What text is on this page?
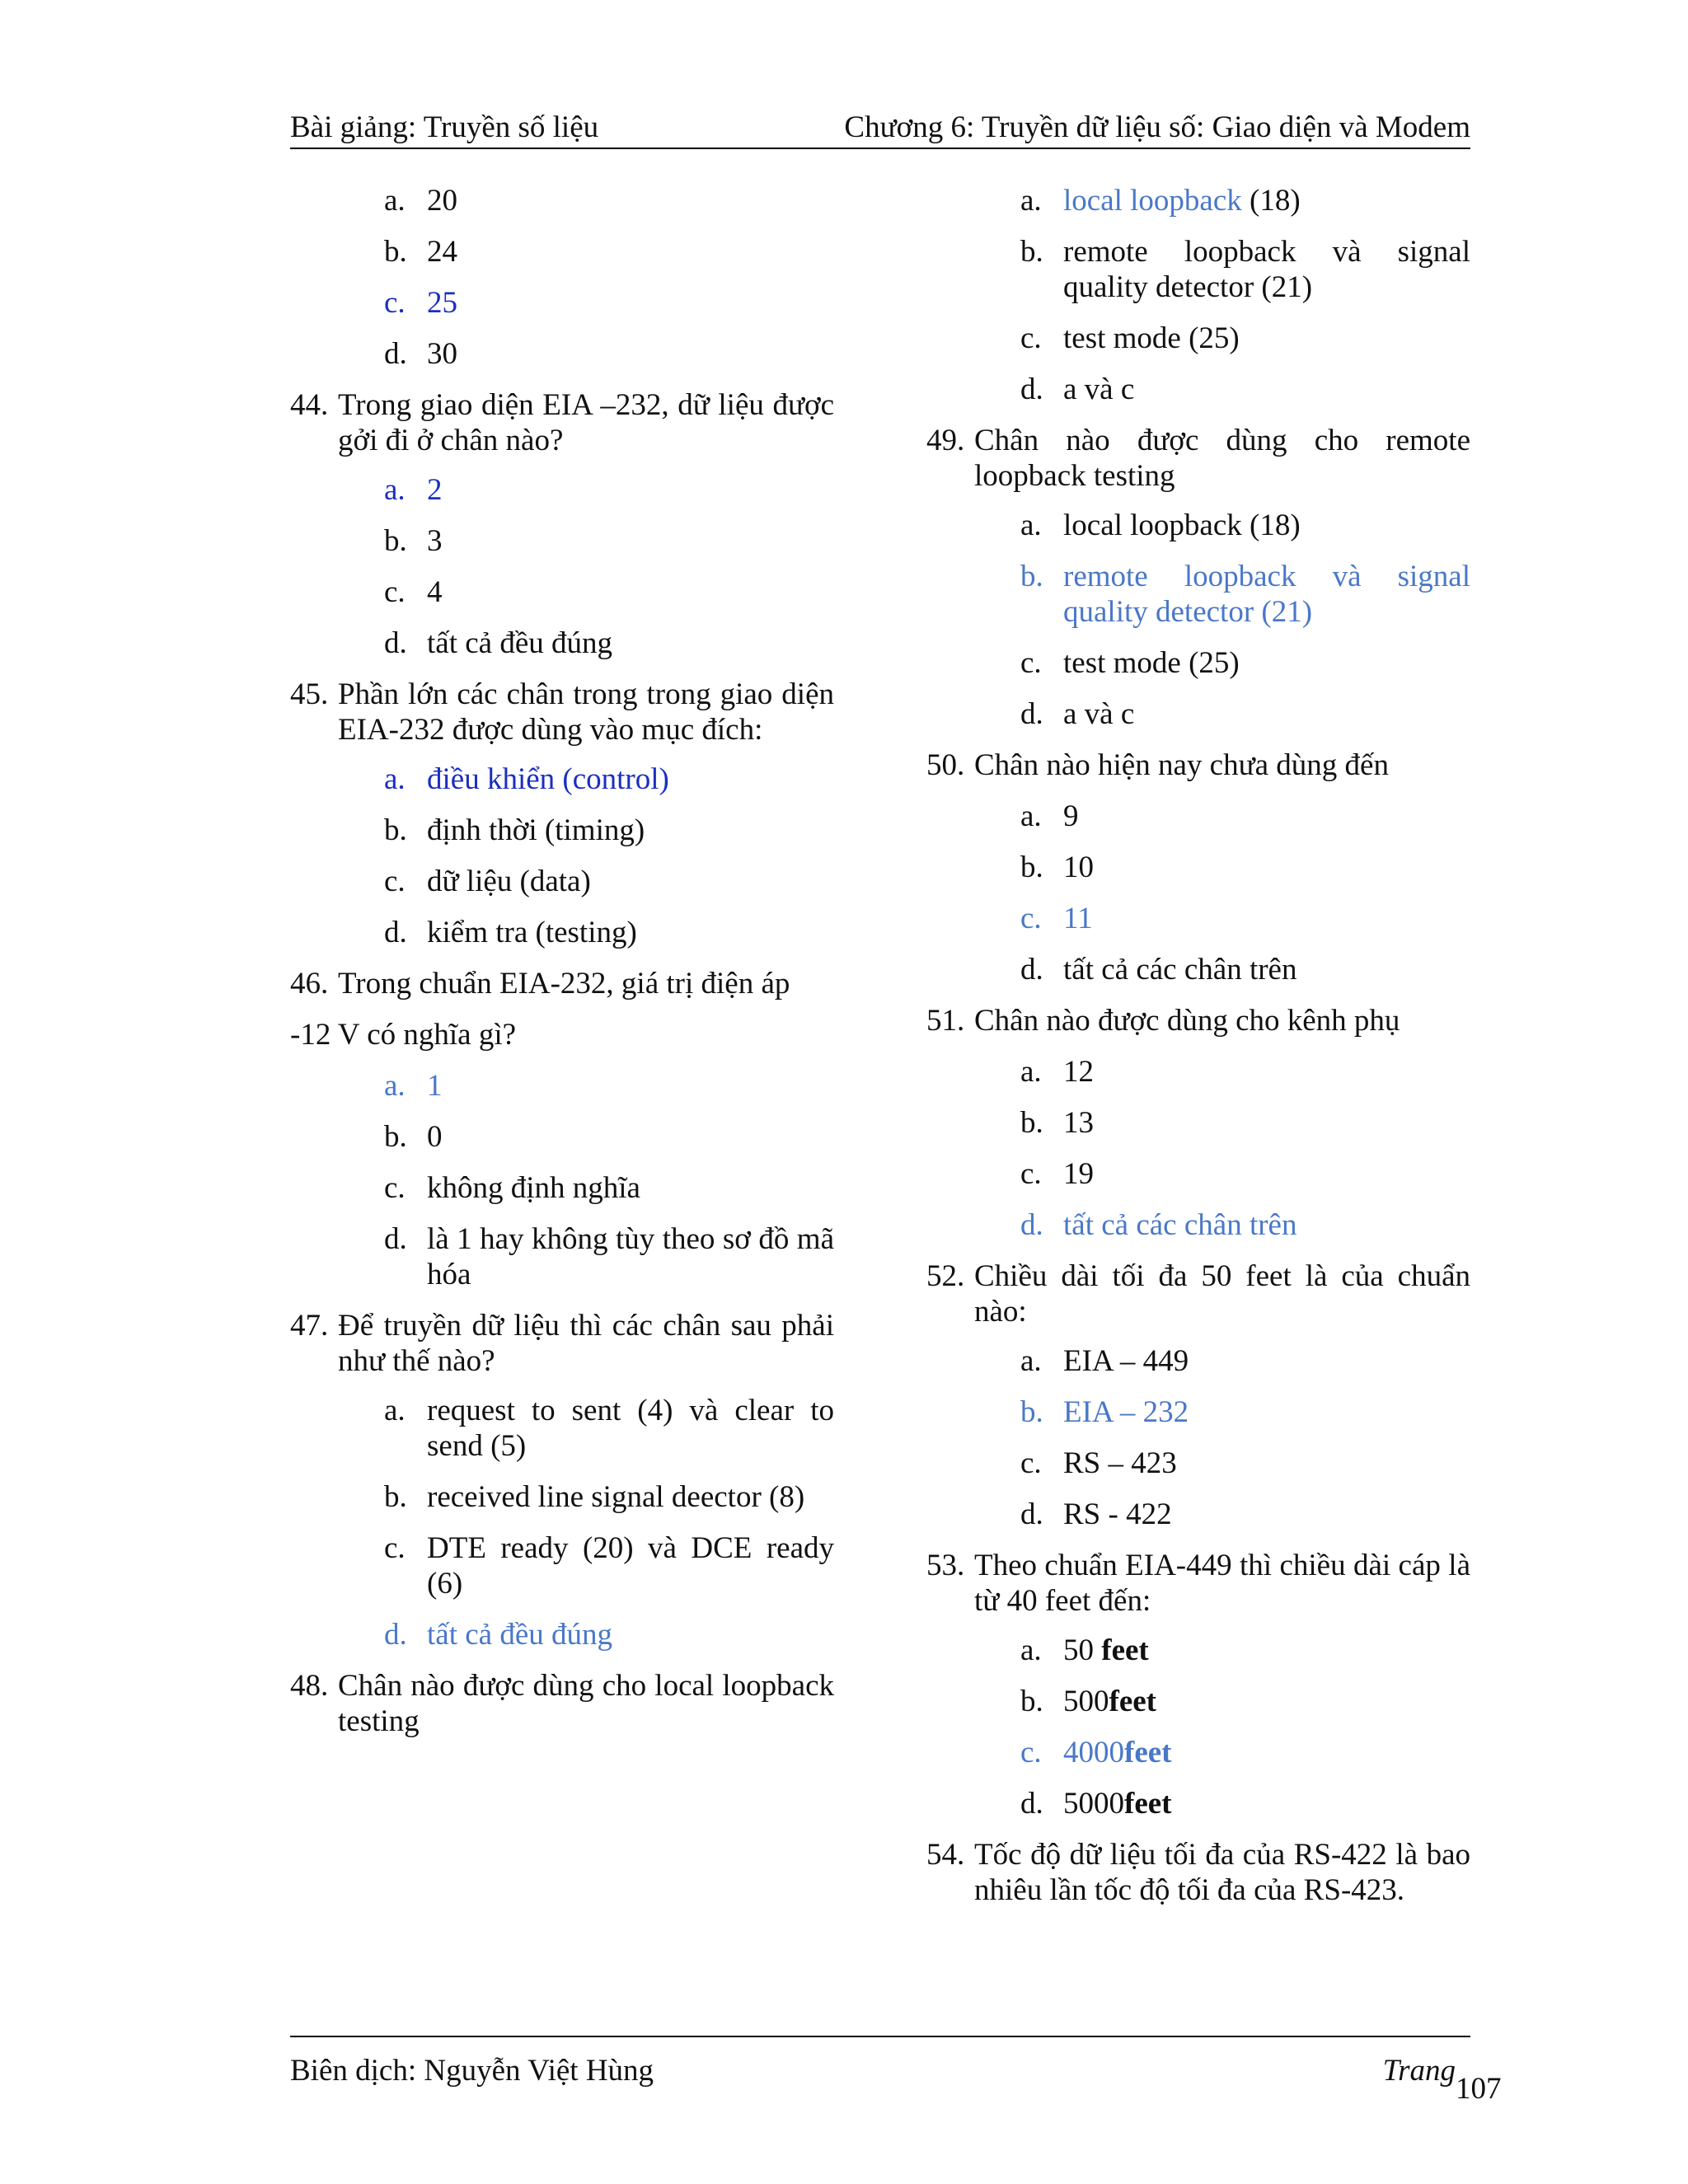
Bài giảng: Truyền số liệu	Chương 6: Truyền dữ liệu số: Giao diện và Modem
a. 20
b. 24
c. 25
d. 30
44. Trong giao diện EIA –232, dữ liệu được gởi đi ở chân nào?
a. 2
b. 3
c. 4
d. tất cả đều đúng
45. Phần lớn các chân trong trong giao diện EIA-232 được dùng vào mục đích:
a. điều khiển (control)
b. định thời (timing)
c. dữ liệu (data)
d. kiểm tra (testing)
46. Trong chuẩn EIA-232, giá trị điện áp
-12 V có nghĩa gì?
a. 1
b. 0
c. không định nghĩa
d. là 1 hay không tùy theo sơ đồ mã hóa
47. Để truyền dữ liệu thì các chân sau phải như thế nào?
a. request to sent (4) và clear to send (5)
b. received line signal deector (8)
c. DTE ready (20) và DCE ready (6)
d. tất cả đều đúng
48. Chân nào được dùng cho local loopback testing
a. local loopback (18)
b. remote loopback và signal quality detector (21)
c. test mode (25)
d. a và c
49. Chân nào được dùng cho remote loopback testing
a. local loopback (18)
b. remote loopback và signal quality detector (21)
c. test mode (25)
d. a và c
50. Chân nào hiện nay chưa dùng đến
a. 9
b. 10
c. 11
d. tất cả các chân trên
51. Chân nào được dùng cho kênh phụ
a. 12
b. 13
c. 19
d. tất cả các chân trên
52. Chiều dài tối đa 50 feet là của chuẩn nào:
a. EIA – 449
b. EIA – 232
c. RS – 423
d. RS - 422
53. Theo chuẩn EIA-449 thì chiều dài cáp là từ 40 feet đến:
a. 50 feet
b. 500feet
c. 4000feet
d. 5000feet
54. Tốc độ dữ liệu tối đa của RS-422 là bao nhiêu lần tốc độ tối đa của RS-423.
Biên dịch: Nguyễn Việt Hùng	Trang
107
